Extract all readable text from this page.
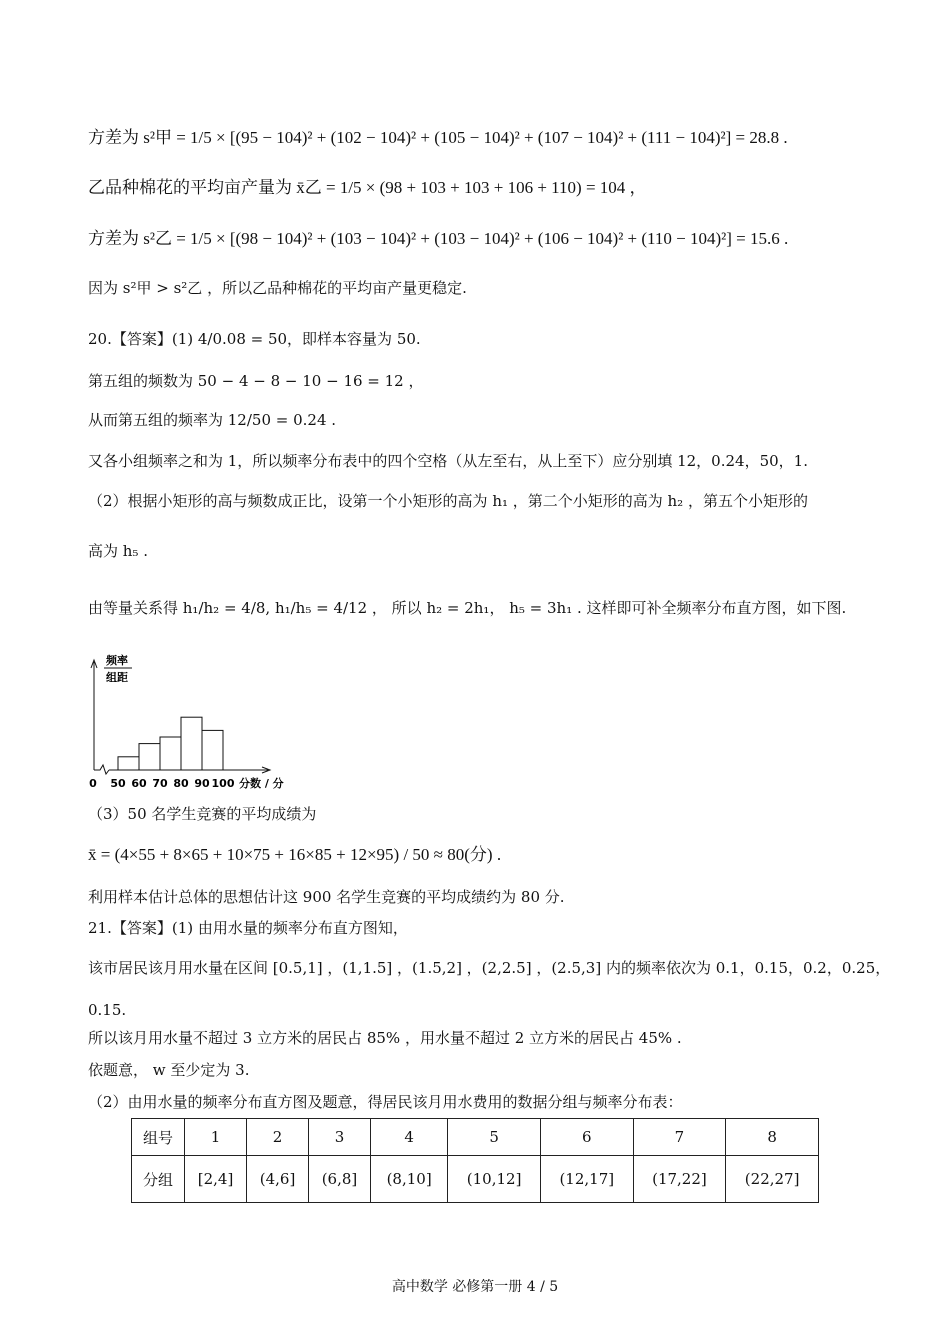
方差为 s²甲 = 1/5 × [(95 − 104)² + (102 − 104)² + (105 − 104)² + (107 − 104)² + (111 − 104)²] = 28.8 .
乙品种棉花的平均亩产量为 x̄乙 = 1/5 × (98 + 103 + 103 + 106 + 110) = 104 ，
方差为 s²乙 = 1/5 × [(98 − 104)² + (103 − 104)² + (103 − 104)² + (106 − 104)² + (110 − 104)²] = 15.6 .
因为 s²甲 > s²乙 ，所以乙品种棉花的平均亩产量更稳定.
20.【答案】(1) 4/0.08 = 50，即样本容量为 50.
第五组的频数为 50 − 4 − 8 − 10 − 16 = 12 ，
从而第五组的频率为 12/50 = 0.24 .
又各小组频率之和为 1，所以频率分布表中的四个空格（从左至右，从上至下）应分别填 12，0.24，50，1.
（2）根据小矩形的高与频数成正比，设第一个小矩形的高为 h₁ ，第二个小矩形的高为 h₂ ，第五个小矩形的
高为 h₅ .
由等量关系得 h₁/h₂ = 4/8, h₁/h₅ = 4/12 ， 所以 h₂ = 2h₁， h₅ = 3h₁ . 这样即可补全频率分布直方图，如下图.
频率
组距
0 50 60 70 80 90 100 分数 / 分
（3）50 名学生竞赛的平均成绩为
x̄ = (4×55 + 8×65 + 10×75 + 16×85 + 12×95) / 50 ≈ 80(分) .
利用样本估计总体的思想估计这 900 名学生竞赛的平均成绩约为 80 分.
21.【答案】(1) 由用水量的频率分布直方图知，
该市居民该月用水量在区间 [0.5,1] ，(1,1.5] ，(1.5,2] ，(2,2.5] ，(2.5,3] 内的频率依次为 0.1，0.15，0.2，0.25，
0.15.
所以该月用水量不超过 3 立方米的居民占 85% ，用水量不超过 2 立方米的居民占 45% .
依题意， w 至少定为 3.
（2）由用水量的频率分布直方图及题意，得居民该月用水费用的数据分组与频率分布表：
组号	1	2	3	4	5	6	7	8
分组	[2,4]	(4,6]	(6,8]	(8,10]	(10,12]	(12,17]	(17,22]	(22,27]
高中数学 必修第一册 4 / 5
